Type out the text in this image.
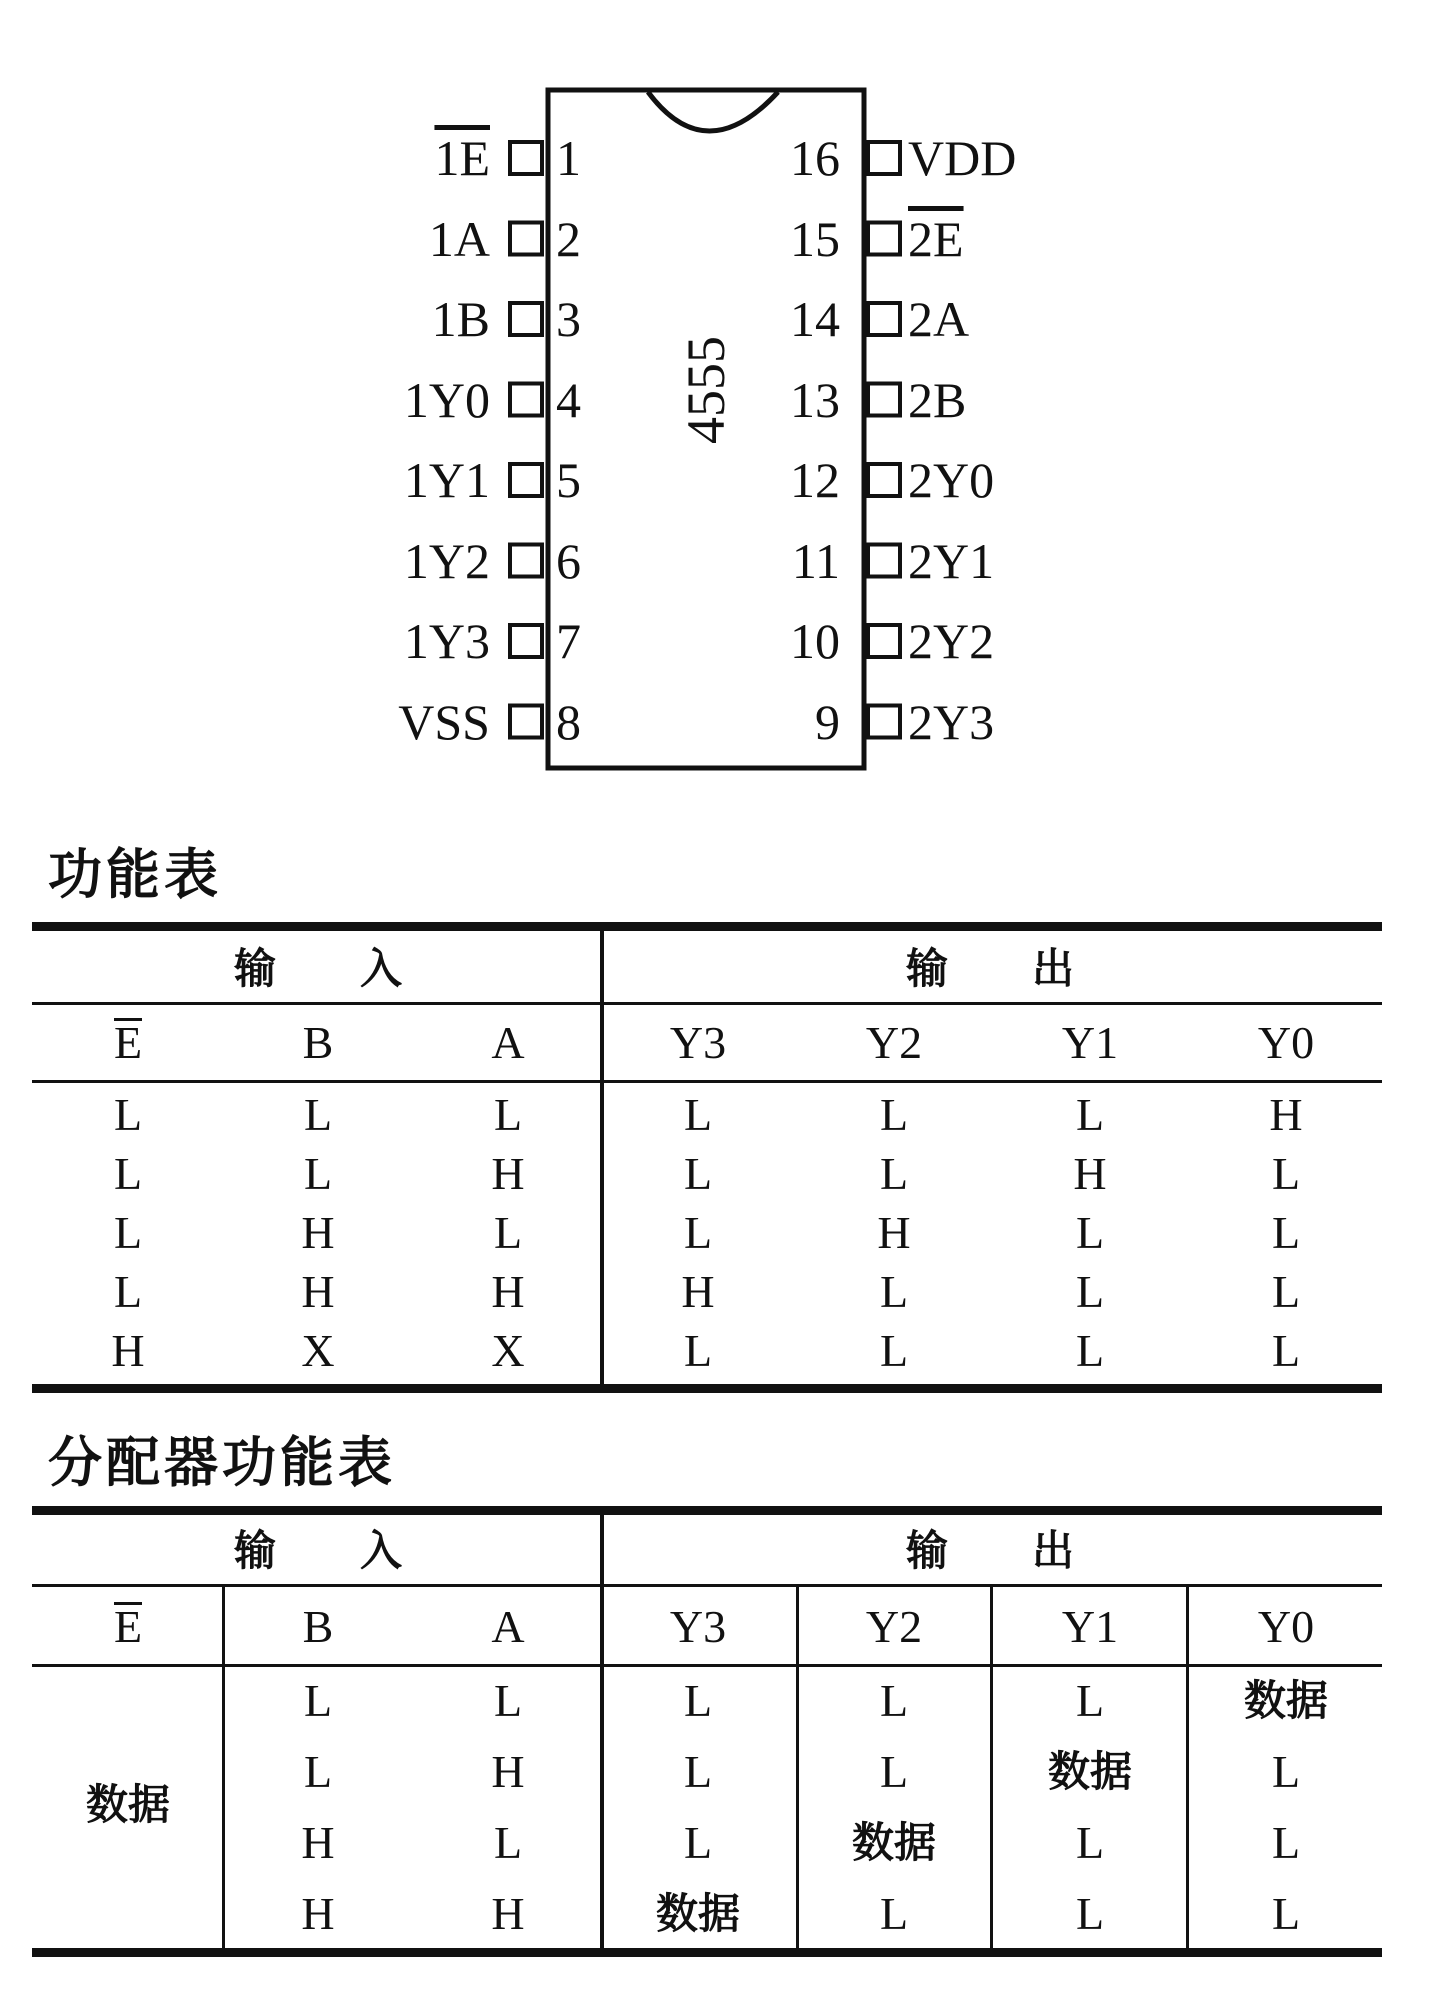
4555
1E 1
1A 2
1B 3
1Y0 4
1Y1 5
1Y2 6
1Y3 7
VSS 8
16 VDD
15 2E
14 2A
13 2B
12 2Y0
11 2Y1
10 2Y2
9 2Y3
功能表
输　　入	输　　出
E	B	A	Y3	Y2	Y1	Y0
L	L	L	L	L	L	H
L	L	H	L	L	H	L
L	H	L	L	H	L	L
L	H	H	H	L	L	L
H	X	X	L	L	L	L
分配器功能表
输　　入	输　　出
E	B	A	Y3	Y2	Y1	Y0
数据
L	L	L	L	L	数据
L	H	L	L	数据	L
H	L	L	数据	L	L
H	H	数据	L	L	L
